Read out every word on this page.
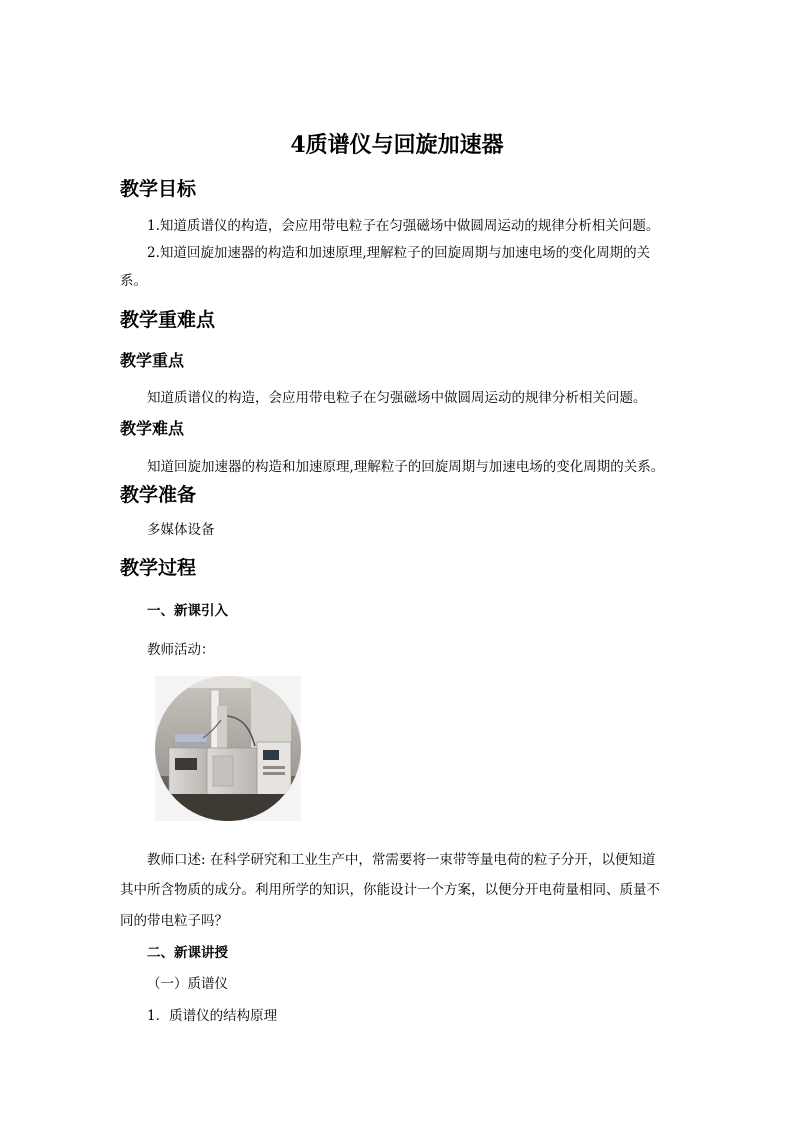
4质谱仪与回旋加速器
教学目标
1.知道质谱仪的构造，会应用带电粒子在匀强磁场中做圆周运动的规律分析相关问题。
2.知道回旋加速器的构造和加速原理,理解粒子的回旋周期与加速电场的变化周期的关
系。
教学重难点
教学重点
知道质谱仪的构造，会应用带电粒子在匀强磁场中做圆周运动的规律分析相关问题。
教学难点
知道回旋加速器的构造和加速原理,理解粒子的回旋周期与加速电场的变化周期的关系。
教学准备
多媒体设备
教学过程
一、新课引入
教师活动：
教师口述: 在科学研究和工业生产中，常需要将一束带等量电荷的粒子分开，以便知道
其中所含物质的成分。利用所学的知识，你能设计一个方案，以便分开电荷量相同、质量不
同的带电粒子吗？
二、新课讲授
（一）质谱仪
1．质谱仪的结构原理
